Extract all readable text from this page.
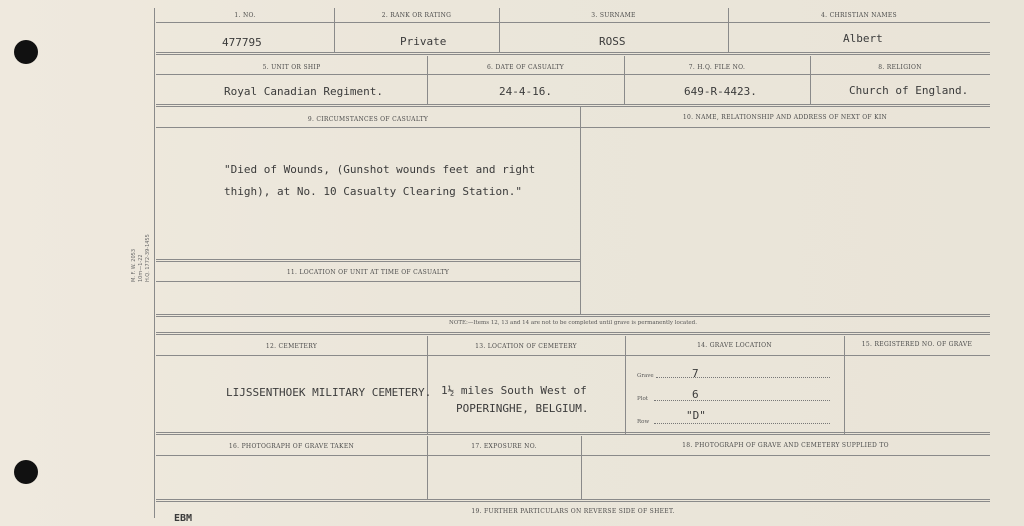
M. F. W. 2053 10m—1-22 H.Q. 1772-39-1455
1. NO.	2. RANK OR RATING	3. SURNAME	4. CHRISTIAN NAMES
477795	Private	ROSS	Albert
5. UNIT OR SHIP	6. DATE OF CASUALTY	7. H.Q. FILE NO.	8. RELIGION
Royal Canadian Regiment.	24-4-16.	649-R-4423.	Church of England.
9. CIRCUMSTANCES OF CASUALTY	10. NAME, RELATIONSHIP AND ADDRESS OF NEXT OF KIN
"Died of Wounds, (Gunshot wounds feet and right
thigh), at No. 10 Casualty Clearing Station."
11. LOCATION OF UNIT AT TIME OF CASUALTY
NOTE:—Items 12, 13 and 14 are not to be completed until grave is permanently located.
12. CEMETERY	13. LOCATION OF CEMETERY	14. GRAVE LOCATION	15. REGISTERED NO. OF GRAVE
LIJSSENTHOEK MILITARY CEMETERY. 1½ miles South West of
POPERINGHE, BELGIUM.
Grave	7
Plot	6
Row	"D"
16. PHOTOGRAPH OF GRAVE TAKEN	17. EXPOSURE NO.	18. PHOTOGRAPH OF GRAVE AND CEMETERY SUPPLIED TO
19. FURTHER PARTICULARS ON REVERSE SIDE OF SHEET.
EBM
